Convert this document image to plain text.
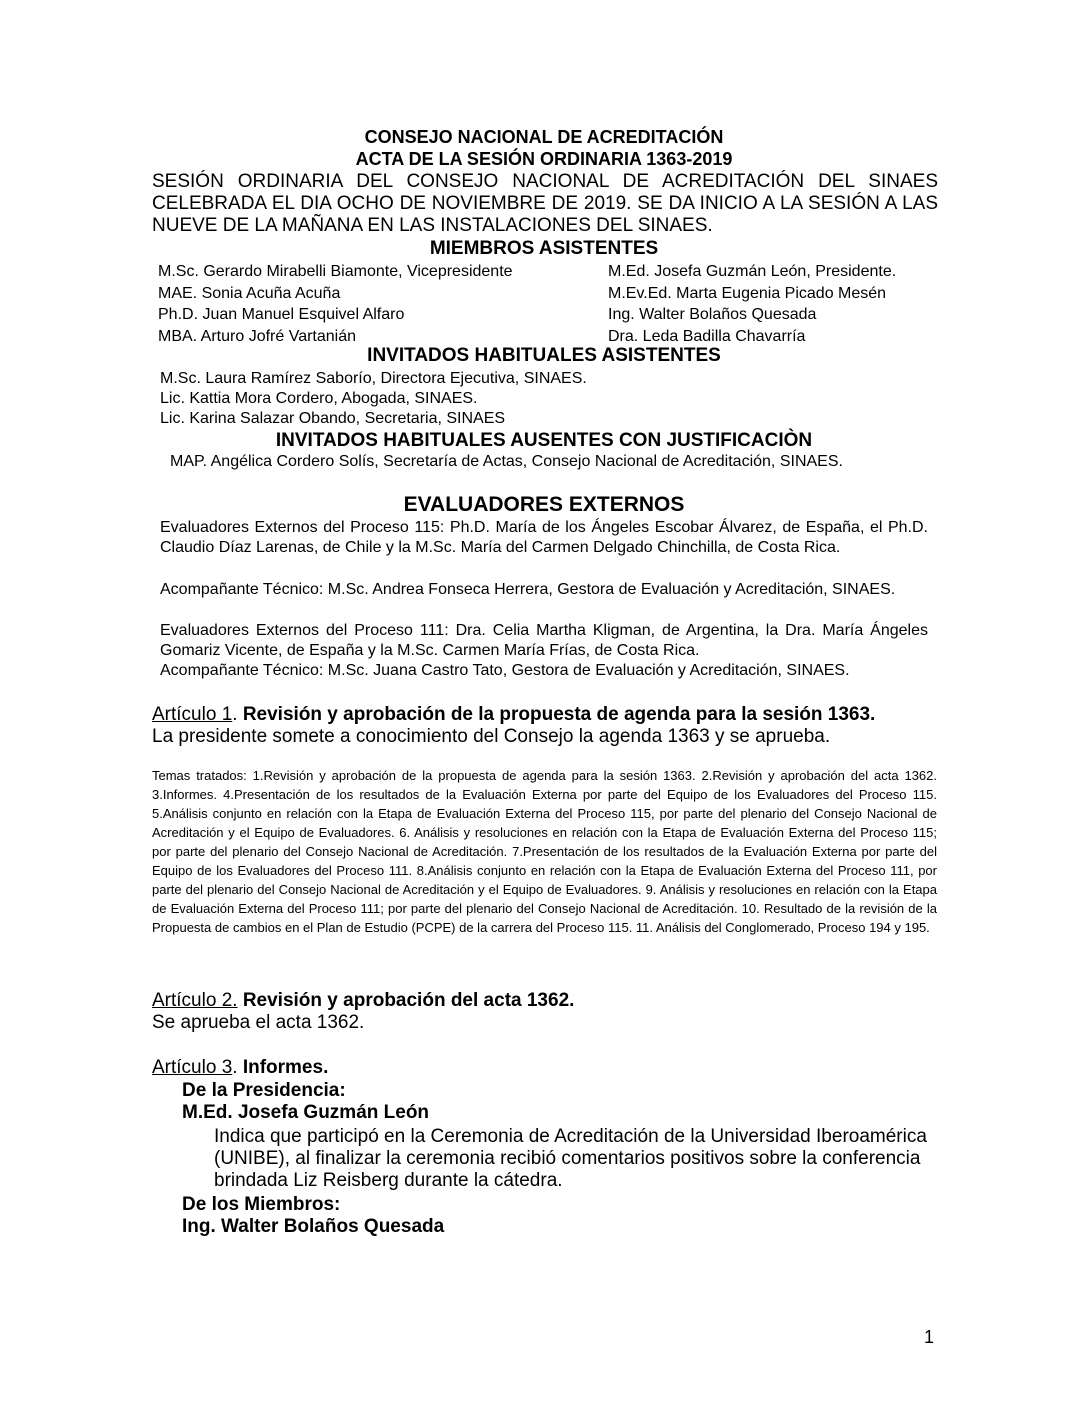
CONSEJO NACIONAL DE ACREDITACIÓN
ACTA DE LA SESIÓN ORDINARIA 1363-2019
SESIÓN ORDINARIA DEL CONSEJO NACIONAL DE ACREDITACIÓN DEL SINAES CELEBRADA EL DIA OCHO DE NOVIEMBRE DE 2019. SE DA INICIO A LA SESIÓN A LAS NUEVE DE LA MAÑANA EN LAS INSTALACIONES DEL SINAES.
MIEMBROS ASISTENTES
M.Sc. Gerardo Mirabelli Biamonte, Vicepresidente	M.Ed. Josefa Guzmán León, Presidente.
MAE. Sonia Acuña Acuña	M.Ev.Ed. Marta Eugenia Picado Mesén
Ph.D. Juan Manuel Esquivel Alfaro	Ing. Walter Bolaños Quesada
MBA. Arturo Jofré Vartanián	Dra. Leda Badilla Chavarría
INVITADOS HABITUALES ASISTENTES
M.Sc. Laura Ramírez Saborío, Directora Ejecutiva, SINAES.
Lic. Kattia Mora Cordero, Abogada, SINAES.
Lic. Karina Salazar Obando, Secretaria, SINAES
INVITADOS HABITUALES AUSENTES CON JUSTIFICACIÒN
MAP. Angélica Cordero Solís, Secretaría de Actas, Consejo Nacional de Acreditación, SINAES.
EVALUADORES EXTERNOS
Evaluadores Externos del Proceso 115: Ph.D. María de los Ángeles Escobar Álvarez, de España, el Ph.D. Claudio Díaz Larenas, de Chile y la M.Sc. María del Carmen Delgado Chinchilla, de Costa Rica.
Acompañante Técnico: M.Sc. Andrea Fonseca Herrera, Gestora de Evaluación y Acreditación, SINAES.
Evaluadores Externos del Proceso 111: Dra. Celia Martha Kligman, de Argentina, la Dra. María Ángeles Gomariz Vicente, de España y la M.Sc. Carmen María Frías, de Costa Rica.
Acompañante Técnico: M.Sc. Juana Castro Tato, Gestora de Evaluación y Acreditación, SINAES.
Artículo 1. Revisión y aprobación de la propuesta de agenda para la sesión 1363.
La presidente somete a conocimiento del Consejo la agenda 1363 y se aprueba.
Temas tratados: 1.Revisión y aprobación de la propuesta de agenda para la sesión 1363. 2.Revisión y aprobación del acta 1362. 3.Informes. 4.Presentación de los resultados de la Evaluación Externa por parte del Equipo de los Evaluadores del Proceso 115. 5.Análisis conjunto en relación con la Etapa de Evaluación Externa del Proceso 115, por parte del plenario del Consejo Nacional de Acreditación y el Equipo de Evaluadores. 6. Análisis y resoluciones en relación con la Etapa de Evaluación Externa del Proceso 115; por parte del plenario del Consejo Nacional de Acreditación. 7.Presentación de los resultados de la Evaluación Externa por parte del Equipo de los Evaluadores del Proceso 111. 8.Análisis conjunto en relación con la Etapa de Evaluación Externa del Proceso 111, por parte del plenario del Consejo Nacional de Acreditación y el Equipo de Evaluadores. 9. Análisis y resoluciones en relación con la Etapa de Evaluación Externa del Proceso 111; por parte del plenario del Consejo Nacional de Acreditación. 10. Resultado de la revisión de la Propuesta de cambios en el Plan de Estudio (PCPE) de la carrera del Proceso 115. 11. Análisis del Conglomerado, Proceso 194 y 195.
Artículo 2. Revisión y aprobación del acta 1362.
Se aprueba el acta 1362.
Artículo 3. Informes.
De la Presidencia:
M.Ed. Josefa Guzmán León
Indica que participó en la Ceremonia de Acreditación de la Universidad Iberoamérica (UNIBE), al finalizar la ceremonia recibió comentarios positivos sobre la conferencia brindada Liz Reisberg durante la cátedra.
De los Miembros:
Ing. Walter Bolaños Quesada
1
